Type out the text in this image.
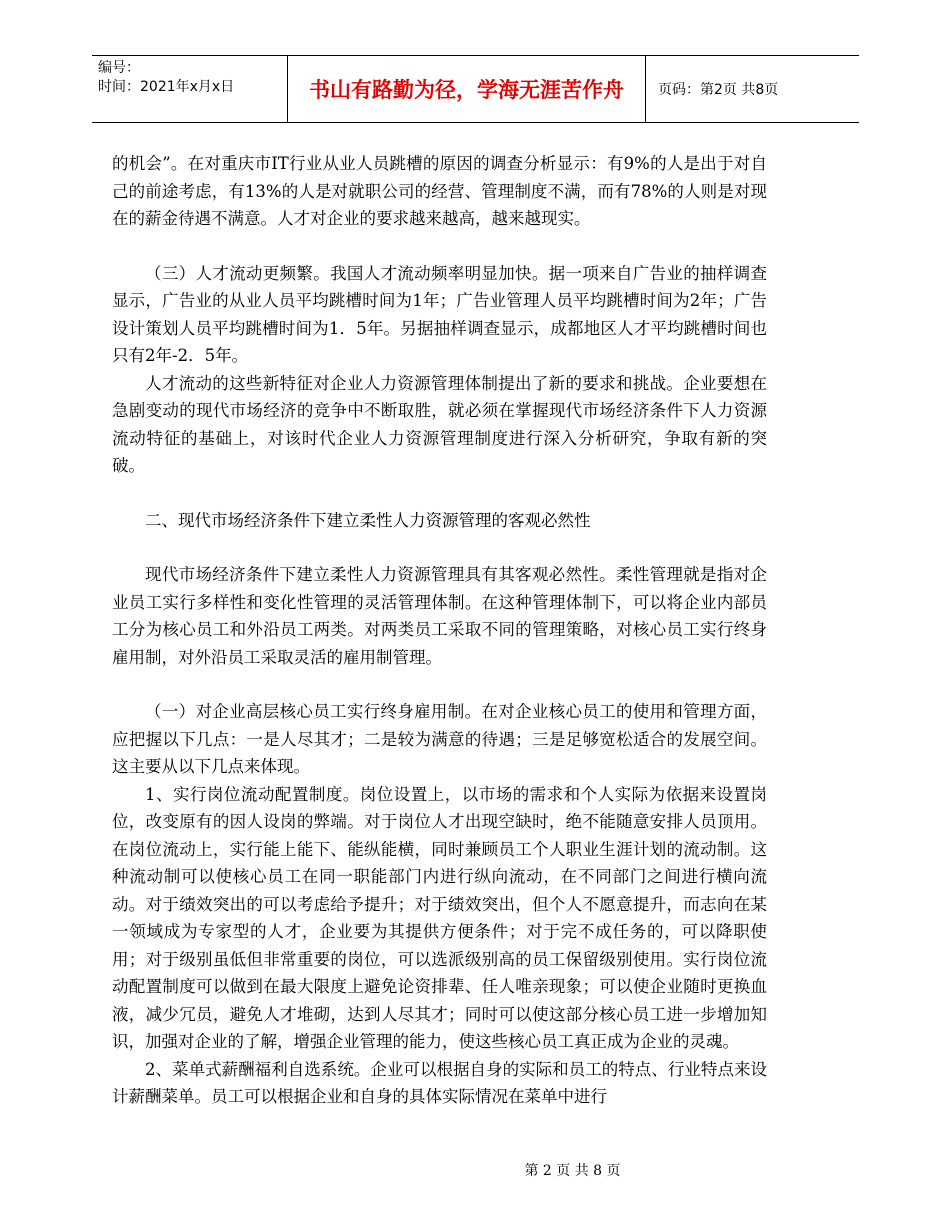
编号：
时间：2021年x月x日	书山有路勤为径，学海无涯苦作舟	页码：第2页 共8页

的机会”。在对重庆市IT行业从业人员跳槽的原因的调查分析显示：有9%的人是出于对自己的前途考虑，有13%的人是对就职公司的经营、管理制度不满，而有78%的人则是对现在的薪金待遇不满意。人才对企业的要求越来越高，越来越现实。

（三）人才流动更频繁。我国人才流动频率明显加快。据一项来自广告业的抽样调查显示，广告业的从业人员平均跳槽时间为1年；广告业管理人员平均跳槽时间为2年；广告设计策划人员平均跳槽时间为1．5年。另据抽样调查显示，成都地区人才平均跳槽时间也只有2年-2．5年。

人才流动的这些新特征对企业人力资源管理体制提出了新的要求和挑战。企业要想在急剧变动的现代市场经济的竞争中不断取胜，就必须在掌握现代市场经济条件下人力资源流动特征的基础上，对该时代企业人力资源管理制度进行深入分析研究，争取有新的突破。

二、现代市场经济条件下建立柔性人力资源管理的客观必然性

现代市场经济条件下建立柔性人力资源管理具有其客观必然性。柔性管理就是指对企业员工实行多样性和变化性管理的灵活管理体制。在这种管理体制下，可以将企业内部员工分为核心员工和外沿员工两类。对两类员工采取不同的管理策略，对核心员工实行终身雇用制，对外沿员工采取灵活的雇用制管理。

（一）对企业高层核心员工实行终身雇用制。在对企业核心员工的使用和管理方面，应把握以下几点：一是人尽其才；二是较为满意的待遇；三是足够宽松适合的发展空间。这主要从以下几点来体现。

1、实行岗位流动配置制度。岗位设置上，以市场的需求和个人实际为依据来设置岗位，改变原有的因人设岗的弊端。对于岗位人才出现空缺时，绝不能随意安排人员顶用。在岗位流动上，实行能上能下、能纵能横，同时兼顾员工个人职业生涯计划的流动制。这种流动制可以使核心员工在同一职能部门内进行纵向流动，在不同部门之间进行横向流动。对于绩效突出的可以考虑给予提升；对于绩效突出，但个人不愿意提升，而志向在某一领域成为专家型的人才，企业要为其提供方便条件；对于完不成任务的，可以降职使用；对于级别虽低但非常重要的岗位，可以选派级别高的员工保留级别使用。实行岗位流动配置制度可以做到在最大限度上避免论资排辈、任人唯亲现象；可以使企业随时更换血液，减少冗员，避免人才堆砌，达到人尽其才；同时可以使这部分核心员工进一步增加知识，加强对企业的了解，增强企业管理的能力，使这些核心员工真正成为企业的灵魂。

2、菜单式薪酬福利自选系统。企业可以根据自身的实际和员工的特点、行业特点来设计薪酬菜单。员工可以根据企业和自身的具体实际情况在菜单中进行

第 2 页 共 8 页
